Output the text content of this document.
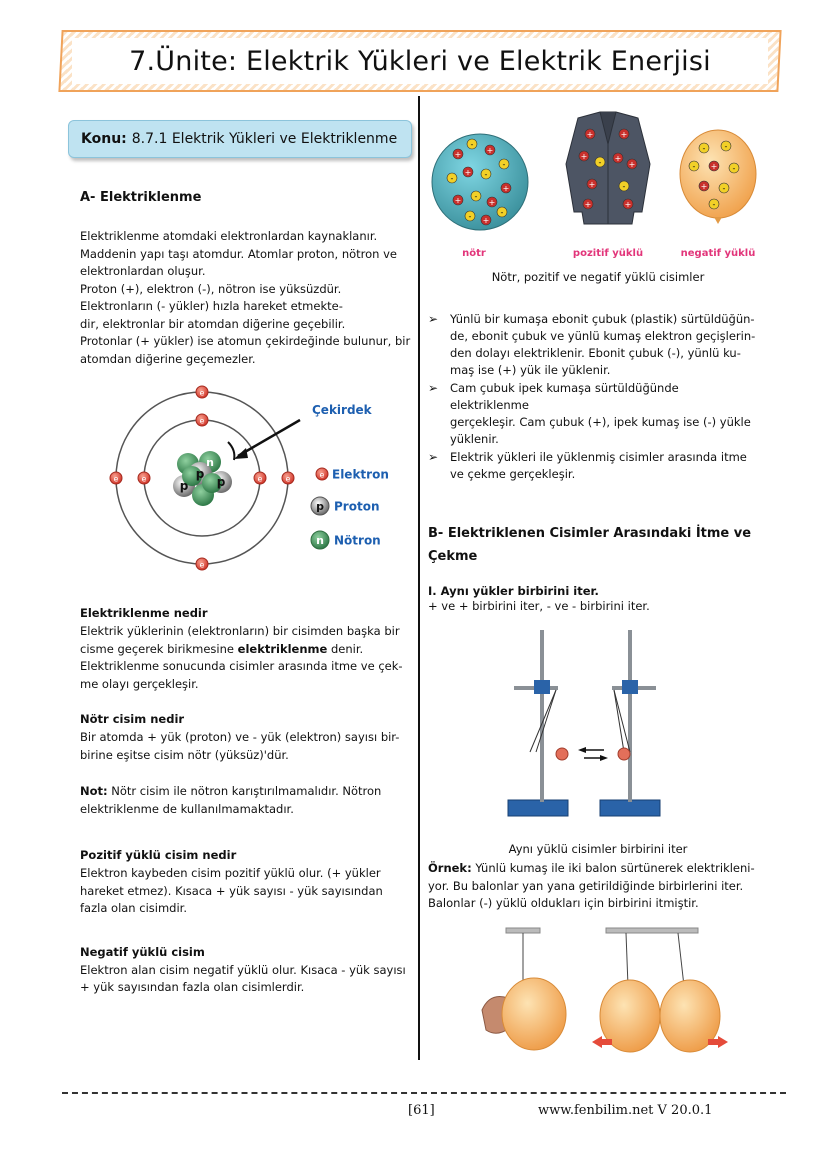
7.Ünite: Elektrik Yükleri ve Elektrik Enerjisi
Konu: 8.7.1 Elektrik Yükleri ve Elektriklenme
A- Elektriklenme
Elektriklenme atomdaki elektronlardan kaynaklanır.
Maddenin yapı taşı atomdur. Atomlar proton, nötron ve
elektronlardan oluşur.
Proton (+), elektron (-), nötron ise yüksüzdür.
Elektronların (- yükler) hızla hareket etmekte-
dir, elektronlar bir atomdan diğerine geçebilir.
Protonlar (+ yükler) ise atomun çekirdeğinde bulunur, bir
atomdan diğerine geçemezler.
p
p p
n
e
e
e	e	e	e
e
Çekirdek
e Elektron
p Proton
n Nötron
Elektriklenme nedir
Elektrik yüklerinin (elektronların) bir cisimden başka bir
cisme geçerek birikmesine elektriklenme denir.
Elektriklenme sonucunda cisimler arasında itme ve çek-
me olayı gerçekleşir.
Nötr cisim nedir
Bir atomda + yük (proton) ve - yük (elektron) sayısı bir-
birine eşitse cisim nötr (yüksüz)'dür.
Not: Nötr cisim ile nötron karıştırılmamalıdır. Nötron
elektriklenme de kullanılmamaktadır.
Pozitif yüklü cisim nedir
Elektron kaybeden cisim pozitif yüklü olur. (+ yükler
hareket etmez). Kısaca + yük sayısı - yük sayısından
fazla olan cisimdir.
Negatif yüklü cisim
Elektron alan cisim negatif yüklü olur. Kısaca - yük sayısı
+ yük sayısından fazla olan cisimlerdir.
+
-
+
-
-
+ -
+
+ -
+
- +
-
+	+
+
- +
+
+	-
+	+
- -
- + -
+ -
-
nötr	pozitif yüklü	negatif yüklü
Nötr, pozitif ve negatif yüklü cisimler
➢ Yünlü bir kumaşa ebonit çubuk (plastik) sürtüldüğün-
de, ebonit çubuk ve yünlü kumaş elektron geçişlerin-
den dolayı elektriklenir. Ebonit çubuk (-), yünlü ku-
maş ise (+) yük ile yüklenir.
➢ Cam çubuk ipek kumaşa sürtüldüğünde elektriklenme
gerçekleşir. Cam çubuk (+), ipek kumaş ise (-) yükle
yüklenir.
➢ Elektrik yükleri ile yüklenmiş cisimler arasında itme
ve çekme gerçekleşir.
B- Elektriklenen Cisimler Arasındaki İtme ve
Çekme
I. Aynı yükler birbirini iter.
+ ve + birbirini iter, - ve - birbirini iter.
Aynı yüklü cisimler birbirini iter
Örnek: Yünlü kumaş ile iki balon sürtünerek elektrikleni-
yor. Bu balonlar yan yana getirildiğinde birbirlerini iter.
Balonlar (-) yüklü oldukları için birbirini itmiştir.
[61]	www.fenbilim.net V 20.0.1
